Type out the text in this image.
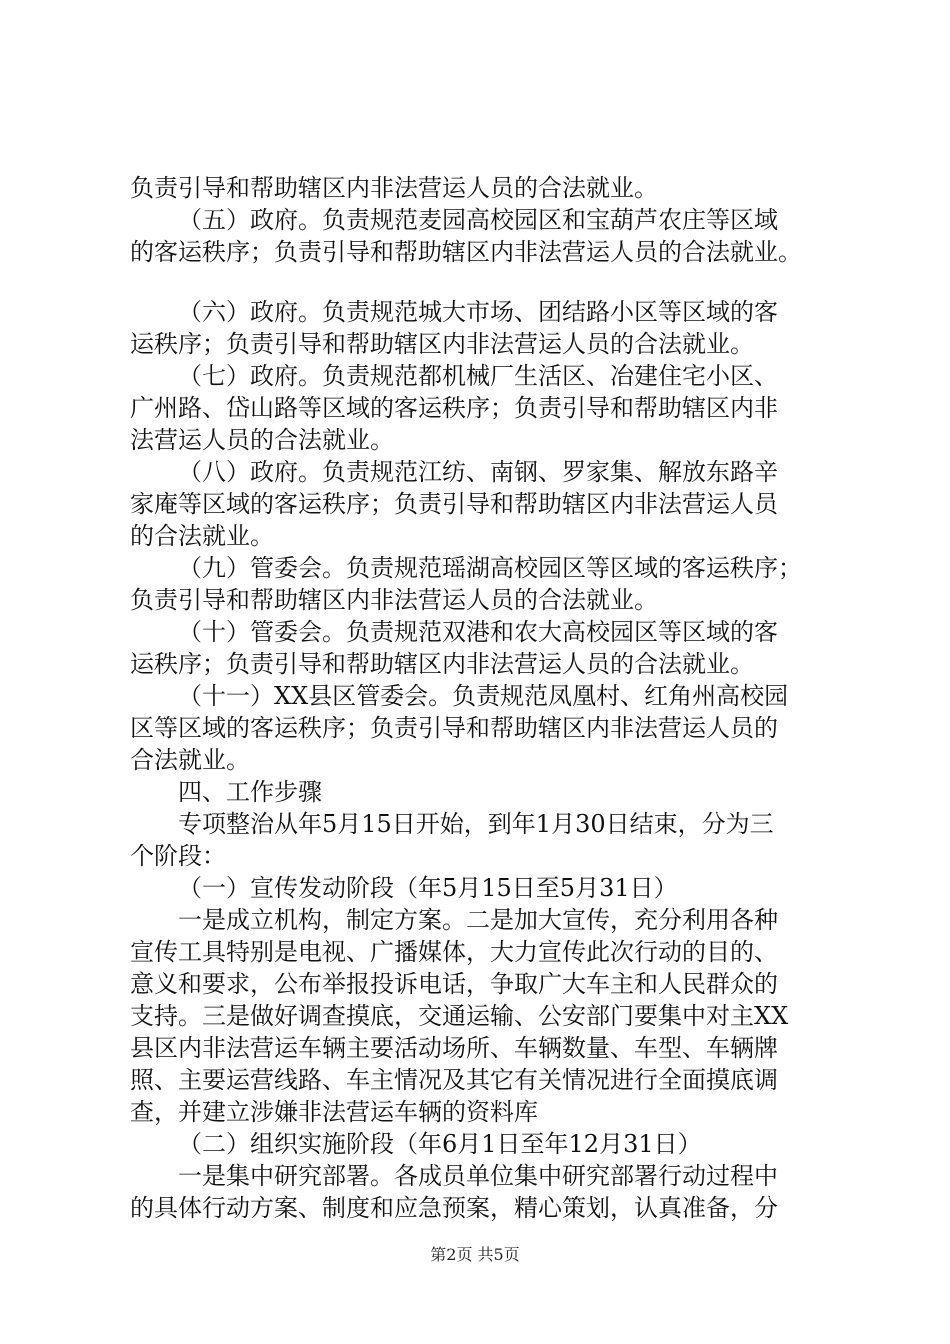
负责引导和帮助辖区内非法营运人员的合法就业。
（五）政府。负责规范麦园高校园区和宝葫芦农庄等区域
的客运秩序；负责引导和帮助辖区内非法营运人员的合法就业。
（六）政府。负责规范城大市场、团结路小区等区域的客
运秩序；负责引导和帮助辖区内非法营运人员的合法就业。
（七）政府。负责规范都机械厂生活区、冶建住宅小区、
广州路、岱山路等区域的客运秩序；负责引导和帮助辖区内非
法营运人员的合法就业。
（八）政府。负责规范江纺、南钢、罗家集、解放东路辛
家庵等区域的客运秩序；负责引导和帮助辖区内非法营运人员
的合法就业。
（九）管委会。负责规范瑶湖高校园区等区域的客运秩序；
负责引导和帮助辖区内非法营运人员的合法就业。
（十）管委会。负责规范双港和农大高校园区等区域的客
运秩序；负责引导和帮助辖区内非法营运人员的合法就业。
（十一）XX县区管委会。负责规范凤凰村、红角州高校园
区等区域的客运秩序；负责引导和帮助辖区内非法营运人员的
合法就业。
四、工作步骤
专项整治从年5月15日开始，到年1月30日结束，分为三
个阶段：
（一）宣传发动阶段（年5月15日至5月31日）
一是成立机构，制定方案。二是加大宣传，充分利用各种
宣传工具特别是电视、广播媒体，大力宣传此次行动的目的、
意义和要求，公布举报投诉电话，争取广大车主和人民群众的
支持。三是做好调查摸底，交通运输、公安部门要集中对主XX
县区内非法营运车辆主要活动场所、车辆数量、车型、车辆牌
照、主要运营线路、车主情况及其它有关情况进行全面摸底调
查，并建立涉嫌非法营运车辆的资料库
（二）组织实施阶段（年6月1日至年12月31日）
一是集中研究部署。各成员单位集中研究部署行动过程中
的具体行动方案、制度和应急预案，精心策划，认真准备，分
第2页 共5页
